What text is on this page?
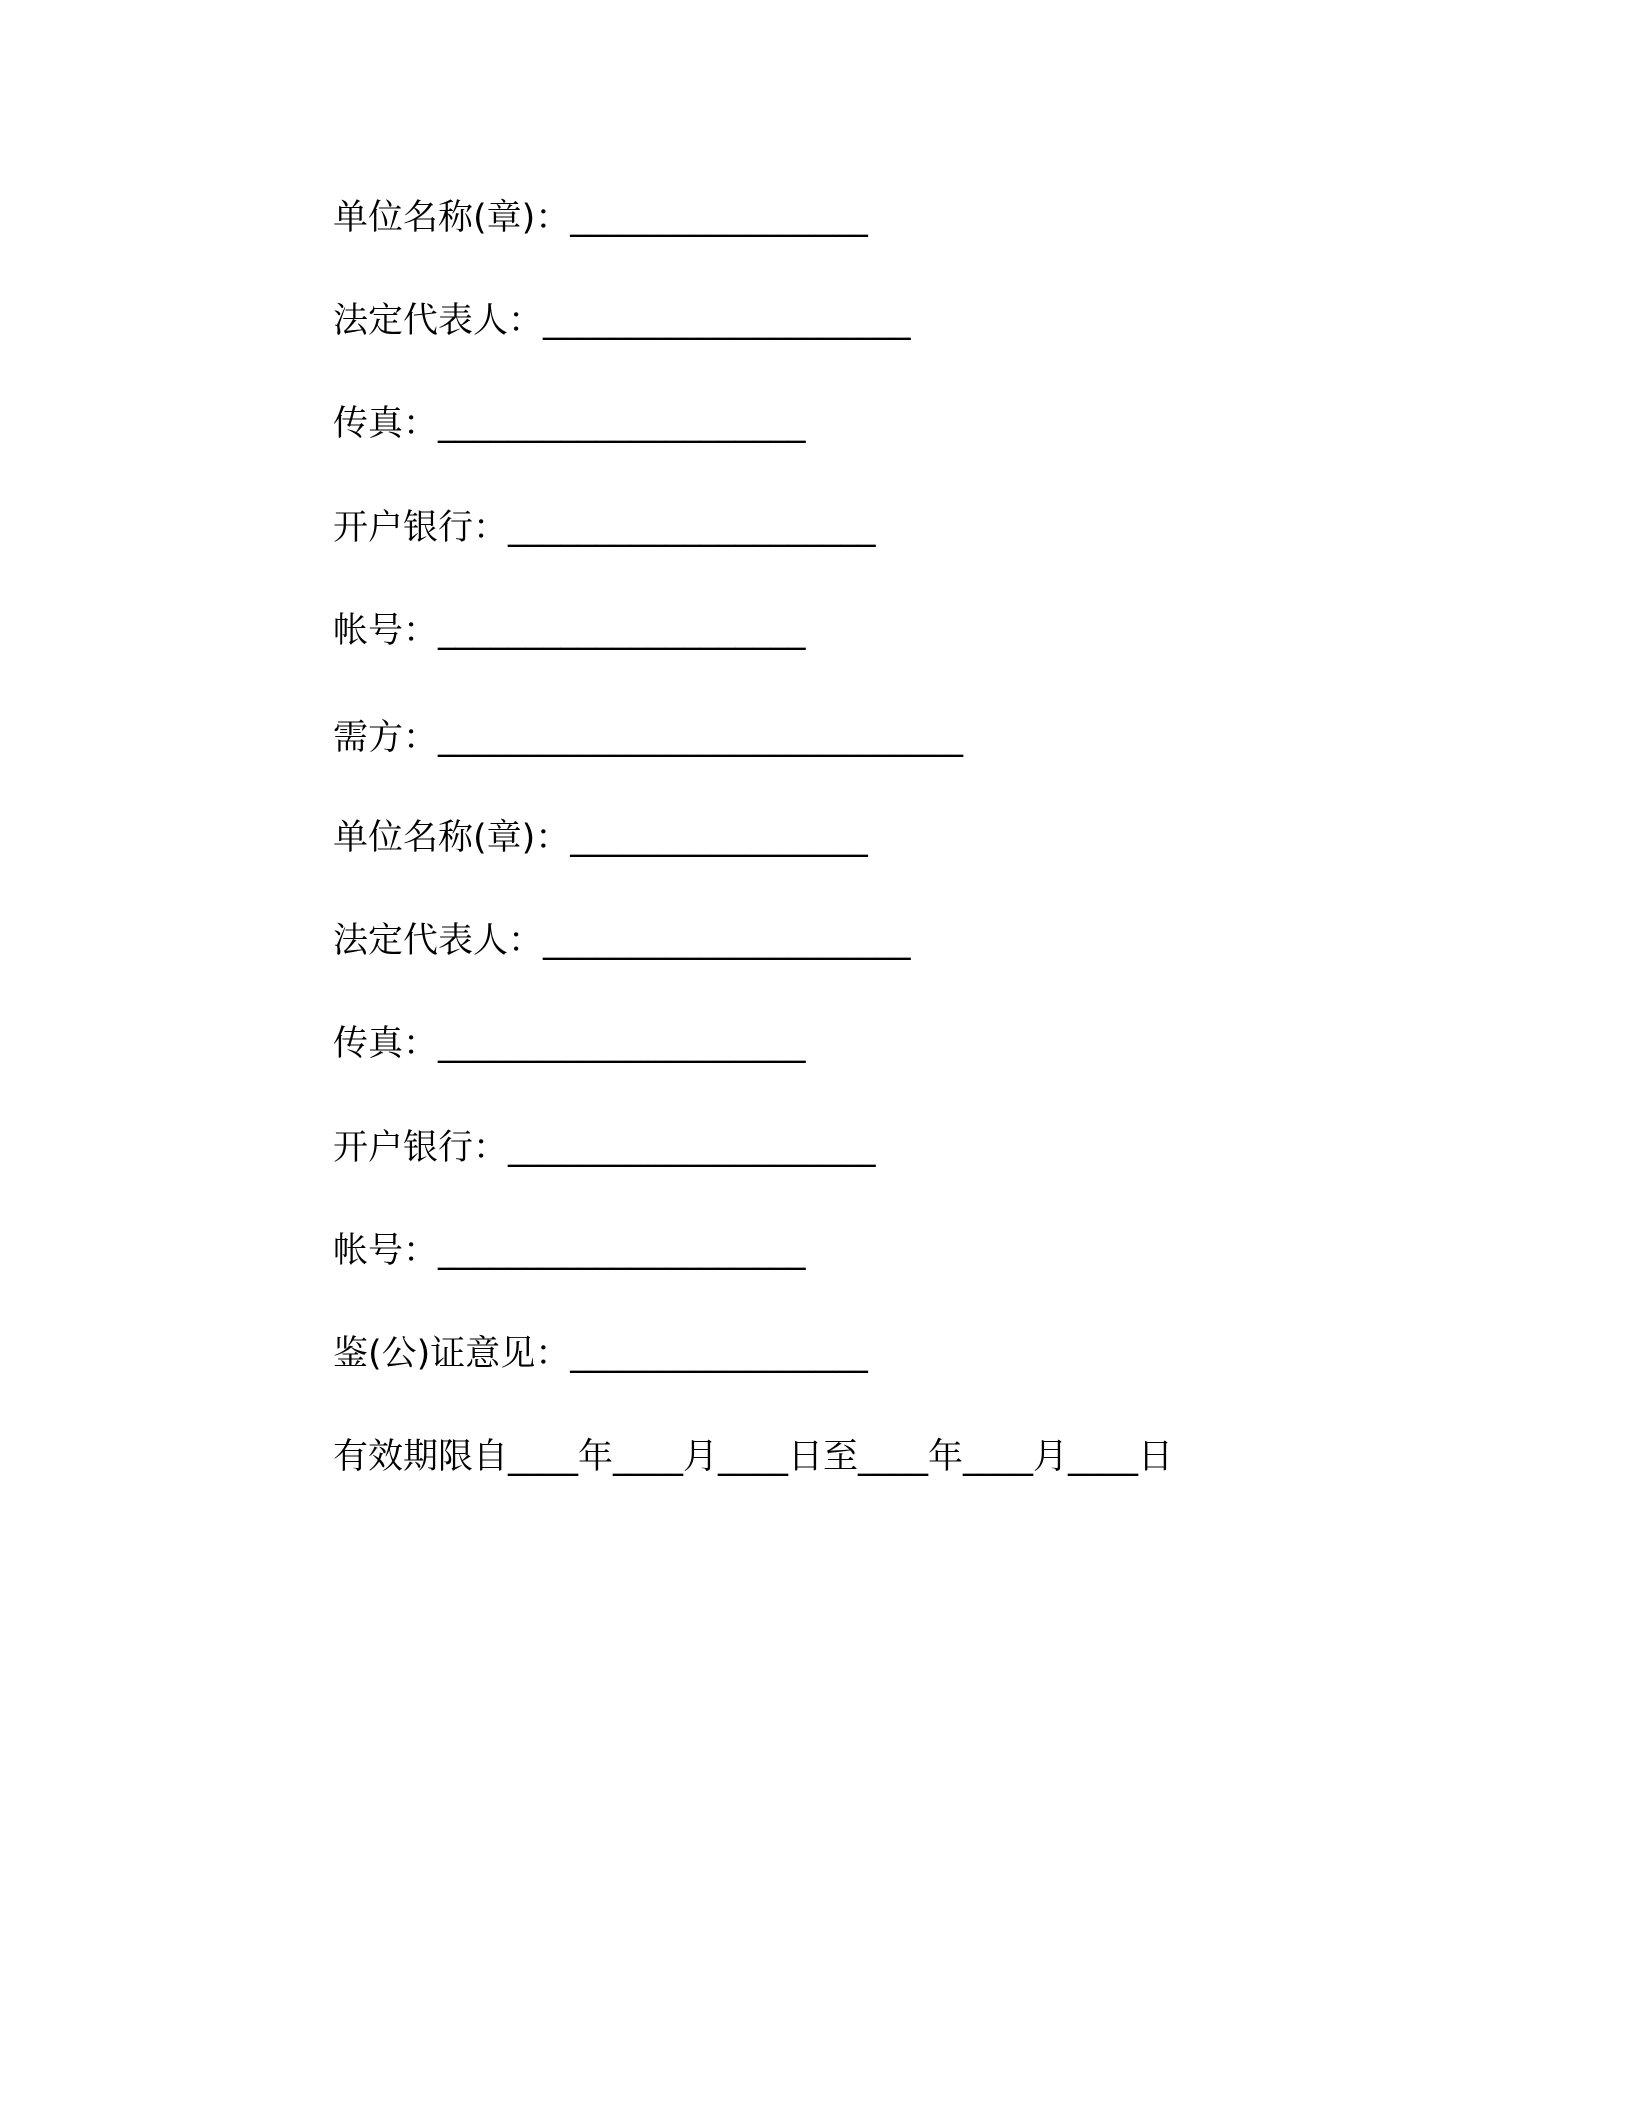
单位名称(章)：_________________
法定代表人：_____________________
传真：_____________________
开户银行：_____________________
帐号：_____________________
需方：______________________________
单位名称(章)：_________________
法定代表人：_____________________
传真：_____________________
开户银行：_____________________
帐号：_____________________
鉴(公)证意见：_________________
有效期限自____年____月____日至____年____月____日
